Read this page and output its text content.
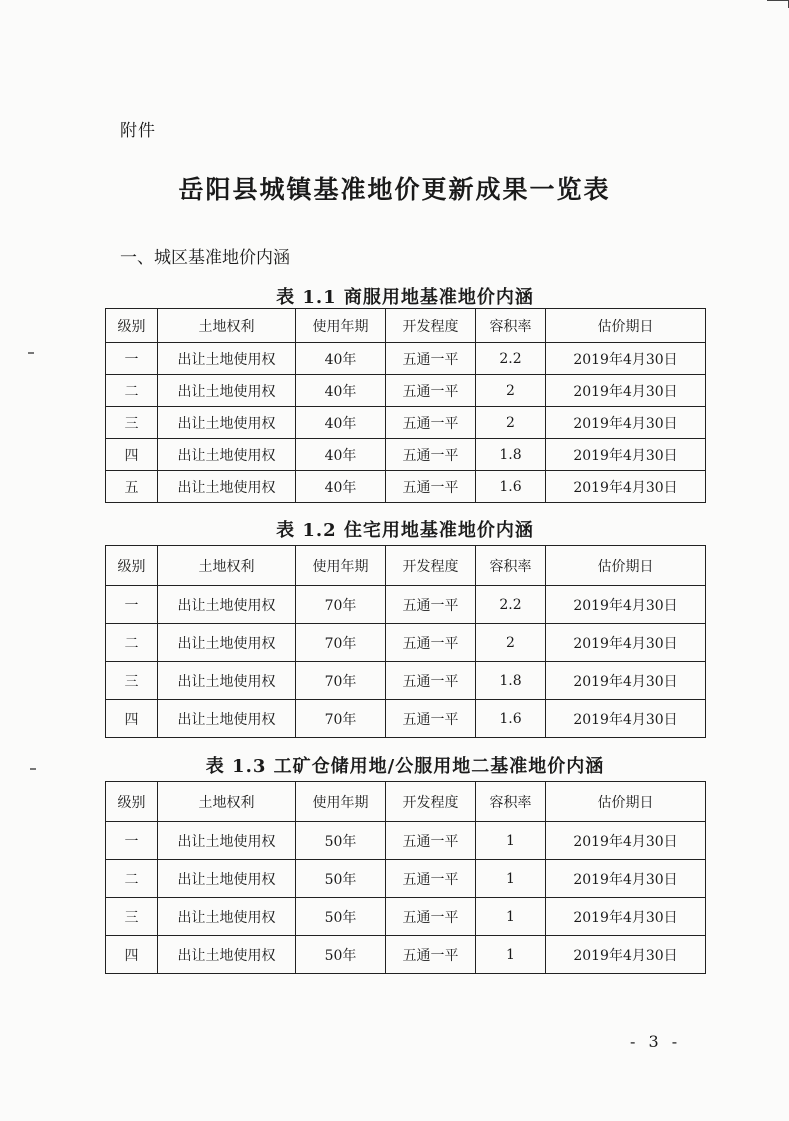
附件
岳阳县城镇基准地价更新成果一览表
一、城区基准地价内涵
表 1.1 商服用地基准地价内涵
级别	土地权利	使用年期	开发程度	容积率	估价期日
一	出让土地使用权	40年	五通一平	2.2	2019年4月30日
二	出让土地使用权	40年	五通一平	2	2019年4月30日
三	出让土地使用权	40年	五通一平	2	2019年4月30日
四	出让土地使用权	40年	五通一平	1.8	2019年4月30日
五	出让土地使用权	40年	五通一平	1.6	2019年4月30日
表 1.2 住宅用地基准地价内涵
级别	土地权利	使用年期	开发程度	容积率	估价期日
一	出让土地使用权	70年	五通一平	2.2	2019年4月30日
二	出让土地使用权	70年	五通一平	2	2019年4月30日
三	出让土地使用权	70年	五通一平	1.8	2019年4月30日
四	出让土地使用权	70年	五通一平	1.6	2019年4月30日
表 1.3 工矿仓储用地/公服用地二基准地价内涵
级别	土地权利	使用年期	开发程度	容积率	估价期日
一	出让土地使用权	50年	五通一平	1	2019年4月30日
二	出让土地使用权	50年	五通一平	1	2019年4月30日
三	出让土地使用权	50年	五通一平	1	2019年4月30日
四	出让土地使用权	50年	五通一平	1	2019年4月30日
- 3 -
